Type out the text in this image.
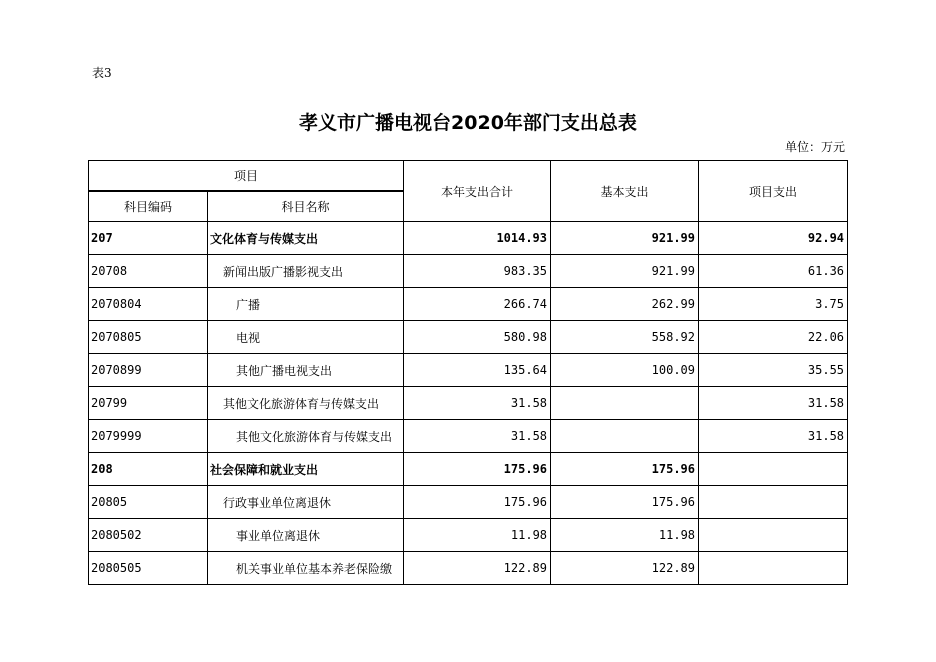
表3
孝义市广播电视台2020年部门支出总表
单位：万元
项目		本年支出合计	基本支出	项目支出
科目编码	科目名称			
207	文化体育与传媒支出	1014.93	921.99	92.94
20708	新闻出版广播影视支出	983.35	921.99	61.36
2070804	广播	266.74	262.99	3.75
2070805	电视	580.98	558.92	22.06
2070899	其他广播电视支出	135.64	100.09	35.55
20799	其他文化旅游体育与传媒支出	31.58		31.58
2079999	其他文化旅游体育与传媒支出	31.58		31.58
208	社会保障和就业支出	175.96	175.96	
20805	行政事业单位离退休	175.96	175.96	
2080502	事业单位离退休	11.98	11.98	
2080505	机关事业单位基本养老保险缴	122.89	122.89	
